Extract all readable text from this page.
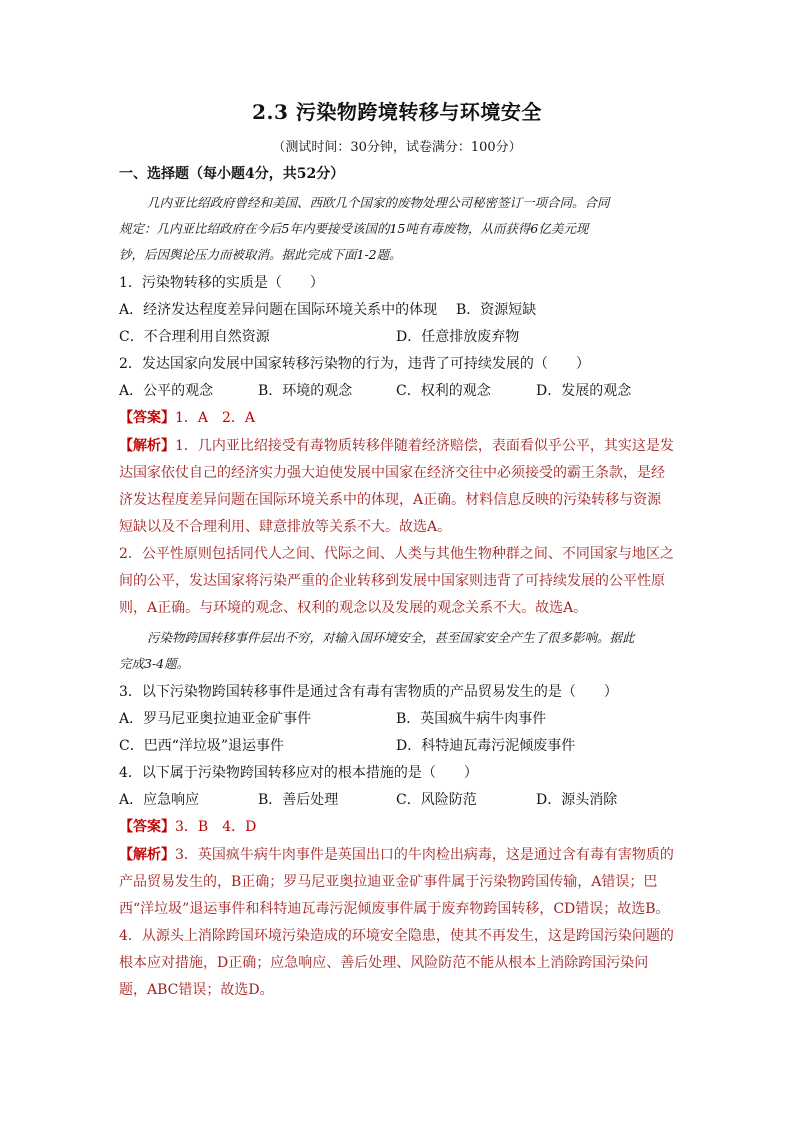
2.3 污染物跨境转移与环境安全
（测试时间：30分钟，试卷满分：100分）
一、选择题（每小题4分，共52分）
几内亚比绍政府曾经和美国、西欧几个国家的废物处理公司秘密签订一项合同。合同
规定：几内亚比绍政府在今后5年内要接受该国的15吨有毒废物，从而获得6亿美元现
钞，后因舆论压力而被取消。据此完成下面1-2题。
1．污染物转移的实质是（　　）
A．经济发达程度差异问题在国际环境关系中的体现 B．资源短缺
C．不合理利用自然资源	D．任意排放废弃物
2．发达国家向发展中国家转移污染物的行为，违背了可持续发展的（　　）
A．公平的观念	B．环境的观念	C．权利的观念	D．发展的观念
【答案】1．A　2．A
【解析】1．几内亚比绍接受有毒物质转移伴随着经济赔偿，表面看似乎公平，其实这是发
达国家依仗自己的经济实力强大迫使发展中国家在经济交往中必须接受的霸王条款，是经
济发达程度差异问题在国际环境关系中的体现，A正确。材料信息反映的污染转移与资源
短缺以及不合理利用、肆意排放等关系不大。故选A。
2．公平性原则包括同代人之间、代际之间、人类与其他生物种群之间、不同国家与地区之
间的公平，发达国家将污染严重的企业转移到发展中国家则违背了可持续发展的公平性原
则，A正确。与环境的观念、权利的观念以及发展的观念关系不大。故选A。
污染物跨国转移事件层出不穷，对输入国环境安全，甚至国家安全产生了很多影响。据此
完成3-4题。
3．以下污染物跨国转移事件是通过含有毒有害物质的产品贸易发生的是（　　）
A．罗马尼亚奥拉迪亚金矿事件	B．英国疯牛病牛肉事件
C．巴西“洋垃圾”退运事件	D．科特迪瓦毒污泥倾废事件
4．以下属于污染物跨国转移应对的根本措施的是（　　）
A．应急响应	B．善后处理	C．风险防范	D．源头消除
【答案】3．B　4．D
【解析】3．英国疯牛病牛肉事件是英国出口的牛肉检出病毒，这是通过含有毒有害物质的
产品贸易发生的，B正确；罗马尼亚奥拉迪亚金矿事件属于污染物跨国传输，A错误；巴
西“洋垃圾”退运事件和科特迪瓦毒污泥倾废事件属于废弃物跨国转移，CD错误；故选B。
4．从源头上消除跨国环境污染造成的环境安全隐患，使其不再发生，这是跨国污染问题的
根本应对措施，D正确；应急响应、善后处理、风险防范不能从根本上消除跨国污染问
题，ABC错误；故选D。
